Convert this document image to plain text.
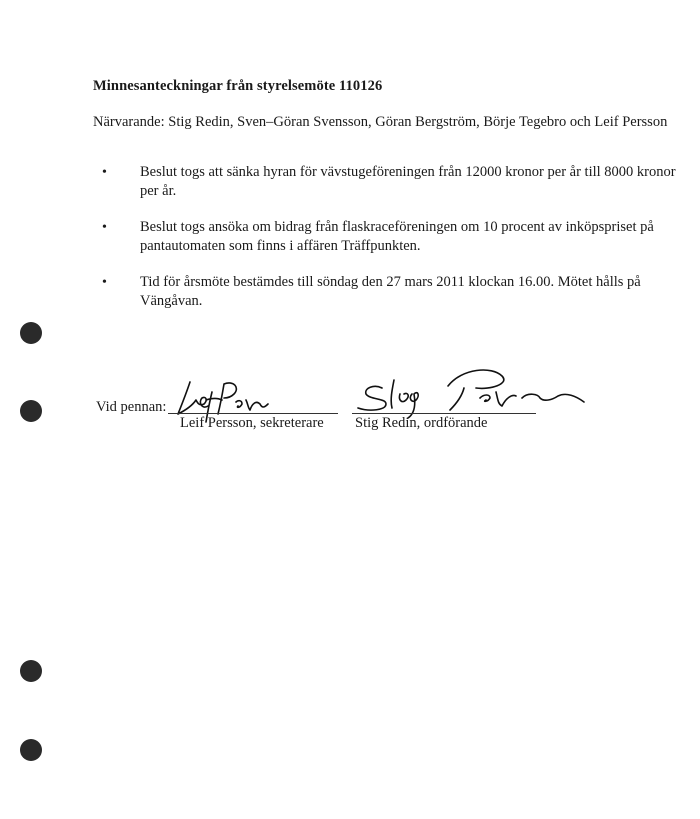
Minnesanteckningar från styrelsemöte 110126
Närvarande: Stig Redin, Sven–Göran Svensson, Göran Bergström, Börje Tegebro och Leif Persson
• Beslut togs att sänka hyran för vävstugeföreningen från 12000 kronor per år till 8000 kronor per år.
• Beslut togs ansöka om bidrag från flaskraceföreningen om 10 procent av inköpspriset på pantautomaten som finns i affären Träffpunkten.
• Tid för årsmöte bestämdes till söndag den 27 mars 2011 klockan 16.00. Mötet hålls på Vängåvan.
Vid pennan:
Leif Persson, sekreterare Stig Redin, ordförande
